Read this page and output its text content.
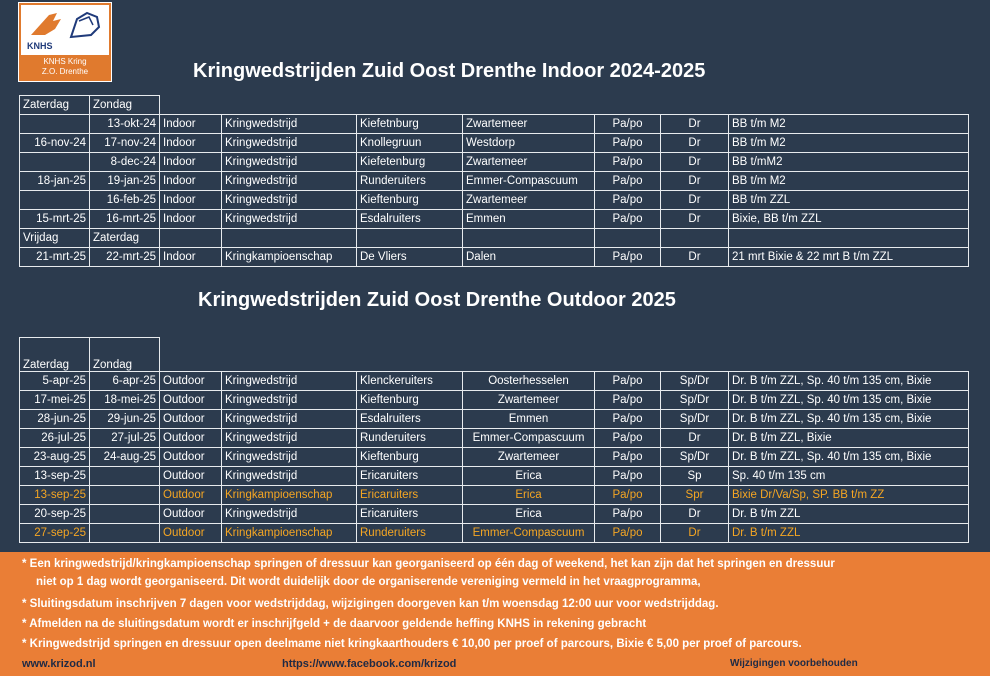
KNHS
KNHS Kring
Z.O. Drenthe	Kringwedstrijden Zuid Oost Drenthe Indoor 2024-2025
Zaterdag	Zondag							
	13-okt-24	Indoor	Kringwedstrijd	Kiefetnburg	Zwartemeer	Pa/po	Dr	BB t/m M2
16-nov-24	17-nov-24	Indoor	Kringwedstrijd	Knollegruun	Westdorp	Pa/po	Dr	BB t/m M2
	8-dec-24	Indoor	Kringwedstrijd	Kiefetenburg	Zwartemeer	Pa/po	Dr	BB t/mM2
18-jan-25	19-jan-25	Indoor	Kringwedstrijd	Runderuiters	Emmer-Compascuum	Pa/po	Dr	BB t/m M2
	16-feb-25	Indoor	Kringwedstrijd	Kieftenburg	Zwartemeer	Pa/po	Dr	BB t/m ZZL
15-mrt-25	16-mrt-25	Indoor	Kringwedstrijd	Esdalruiters	Emmen	Pa/po	Dr	Bixie, BB t/m ZZL
Vrijdag	Zaterdag							
21-mrt-25	22-mrt-25	Indoor	Kringkampioenschap	De Vliers	Dalen	Pa/po	Dr	21 mrt Bixie & 22 mrt B t/m ZZL
Kringwedstrijden Zuid Oost Drenthe Outdoor 2025
Zaterdag	Zondag							
5-apr-25	6-apr-25	Outdoor	Kringwedstrijd	Klenckeruiters	Oosterhesselen	Pa/po	Sp/Dr	Dr. B t/m ZZL, Sp. 40 t/m 135 cm, Bixie
17-mei-25	18-mei-25	Outdoor	Kringwedstrijd	Kieftenburg	Zwartemeer	Pa/po	Sp/Dr	Dr. B t/m ZZL, Sp. 40 t/m 135 cm, Bixie
28-jun-25	29-jun-25	Outdoor	Kringwedstrijd	Esdalruiters	Emmen	Pa/po	Sp/Dr	Dr. B t/m ZZL, Sp. 40 t/m 135 cm, Bixie
26-jul-25	27-jul-25	Outdoor	Kringwedstrijd	Runderuiters	Emmer-Compascuum	Pa/po	Dr	Dr. B t/m ZZL, Bixie
23-aug-25	24-aug-25	Outdoor	Kringwedstrijd	Kieftenburg	Zwartemeer	Pa/po	Sp/Dr	Dr. B t/m ZZL, Sp. 40 t/m 135 cm, Bixie
13-sep-25		Outdoor	Kringwedstrijd	Ericaruiters	Erica	Pa/po	Sp	Sp. 40 t/m 135 cm
13-sep-25		Outdoor	Kringkampioenschap	Ericaruiters	Erica	Pa/po	Spr	Bixie Dr/Va/Sp, SP. BB t/m ZZ
20-sep-25		Outdoor	Kringwedstrijd	Ericaruiters	Erica	Pa/po	Dr	Dr. B t/m ZZL
27-sep-25		Outdoor	Kringkampioenschap	Runderuiters	Emmer-Compascuum	Pa/po	Dr	Dr. B t/m ZZL
* Een kringwedstrijd/kringkampioenschap springen of dressuur kan georganiseerd op één dag of weekend, het kan zijn dat het springen en dressuur
niet op 1 dag wordt georganiseerd. Dit wordt duidelijk door de organiserende vereniging vermeld in het vraagprogramma,
* Sluitingsdatum inschrijven 7 dagen voor wedstrijddag, wijzigingen doorgeven kan t/m woensdag 12:00 uur voor wedstrijddag.
* Afmelden na de sluitingsdatum wordt er inschrijfgeld + de daarvoor geldende heffing KNHS in rekening gebracht
* Kringwedstrijd springen en dressuur open deelmame niet kringkaarthouders € 10,00 per proef of parcours, Bixie € 5,00 per proef of parcours.
www.krizod.nl	https://www.facebook.com/krizod	Wijzigingen voorbehouden
